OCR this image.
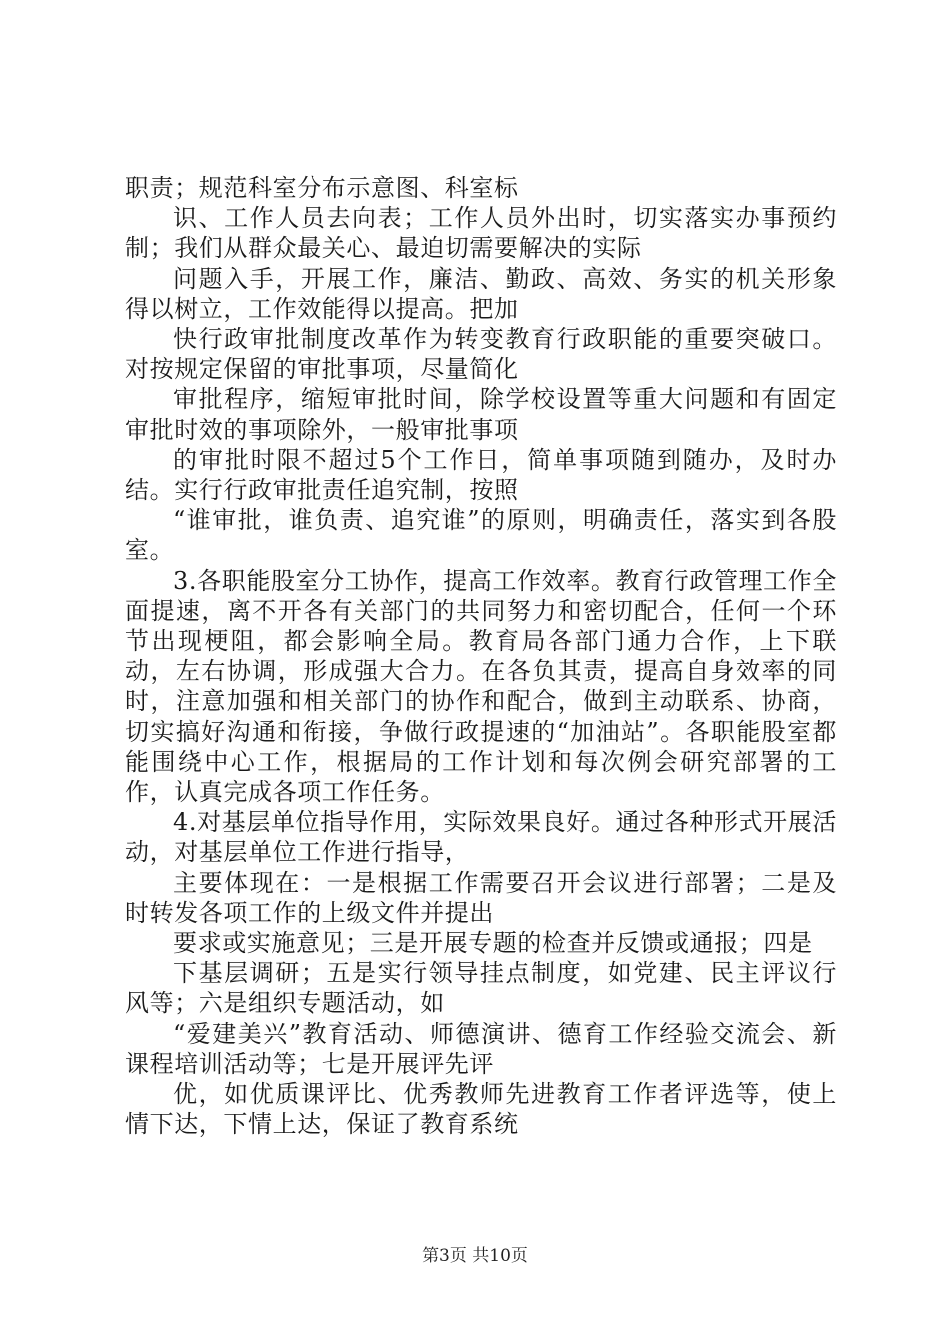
职责；规范科室分布示意图、科室标

识、工作人员去向表；工作人员外出时，切实落实办事预约制；我们从群众最关心、最迫切需要解决的实际

问题入手，开展工作，廉洁、勤政、高效、务实的机关形象得以树立，工作效能得以提高。把加

快行政审批制度改革作为转变教育行政职能的重要突破口。对按规定保留的审批事项，尽量简化

审批程序，缩短审批时间，除学校设置等重大问题和有固定审批时效的事项除外，一般审批事项

的审批时限不超过5个工作日，简单事项随到随办，及时办结。实行行政审批责任追究制，按照

“谁审批，谁负责、追究谁”的原则，明确责任，落实到各股室。

3.各职能股室分工协作，提高工作效率。教育行政管理工作全面提速，离不开各有关部门的共同努力和密切配合，任何一个环节出现梗阻，都会影响全局。教育局各部门通力合作，上下联动，左右协调，形成强大合力。在各负其责，提高自身效率的同时，注意加强和相关部门的协作和配合，做到主动联系、协商，切实搞好沟通和衔接，争做行政提速的“加油站”。各职能股室都能围绕中心工作，根据局的工作计划和每次例会研究部署的工作，认真完成各项工作任务。

4.对基层单位指导作用，实际效果良好。通过各种形式开展活动，对基层单位工作进行指导，

主要体现在：一是根据工作需要召开会议进行部署；二是及时转发各项工作的上级文件并提出

要求或实施意见；三是开展专题的检查并反馈或通报；四是

下基层调研；五是实行领导挂点制度，如党建、民主评议行风等；六是组织专题活动，如

“爱建美兴”教育活动、师德演讲、德育工作经验交流会、新课程培训活动等；七是开展评先评

优，如优质课评比、优秀教师先进教育工作者评选等，使上情下达，下情上达，保证了教育系统

第3页 共10页
